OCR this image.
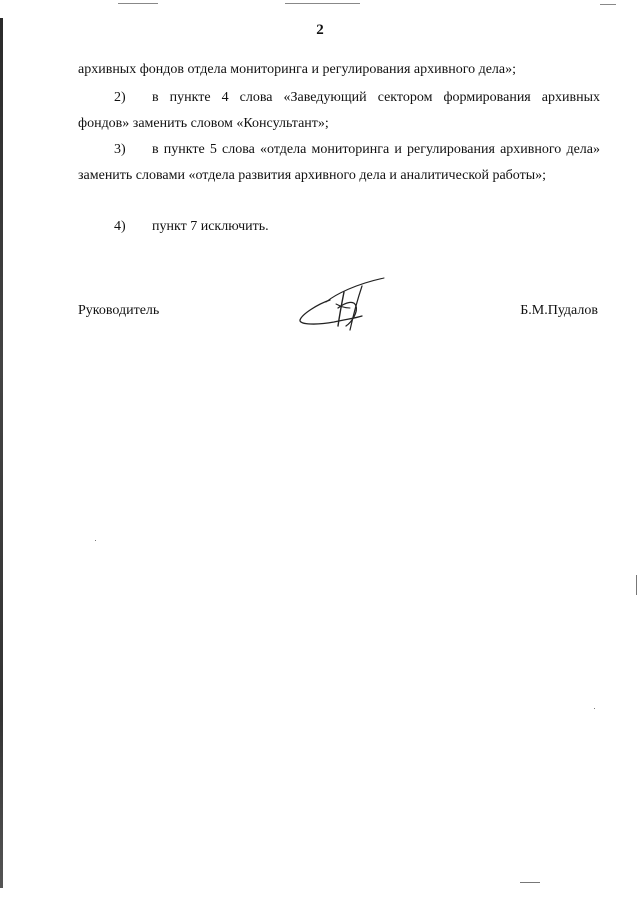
2
архивных фондов отдела мониторинга и регулирования архивного дела»;
2) в пункте 4 слова «Заведующий сектором формирования архивных фондов» заменить словом «Консультант»;
3) в пункте 5 слова «отдела мониторинга и регулирования архивного дела» заменить словами «отдела развития архивного дела и аналитической работы»;
4) пункт 7 исключить.
Руководитель	Б.М.Пудалов
